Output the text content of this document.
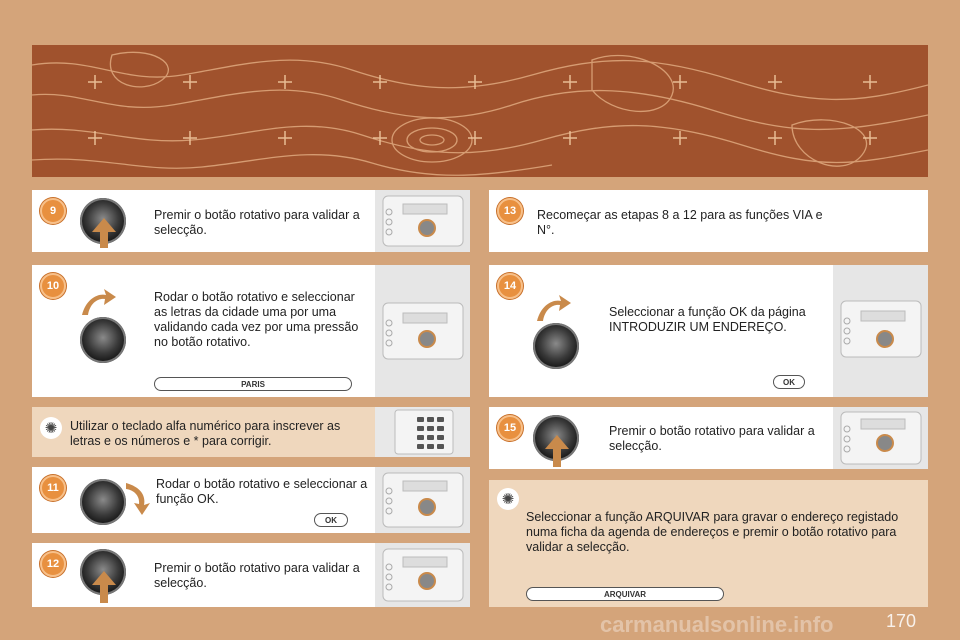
9	Premir o botão rotativo para validar a selecção.
10
Rodar o botão rotativo e seleccionar as letras da cidade uma por uma validando cada vez por uma pressão no botão rotativo.
PARIS
✺	Utilizar o teclado alfa numérico para inscrever as letras e os números e * para corrigir.
11	Rodar o botão rotativo e seleccionar a função OK.
OK
12	Premir o botão rotativo para validar a selecção.
13	Recomeçar as etapas 8 a 12 para as funções VIA e N°.
14
Seleccionar a função OK da página INTRODUZIR UM ENDEREÇO.
OK
15	Premir o botão rotativo para validar a selecção.
✺
Seleccionar a função ARQUIVAR para gravar o endereço registado numa ficha da agenda de endereços e premir o botão rotativo para validar a selecção.
ARQUIVAR
170
carmanualsonline.info
